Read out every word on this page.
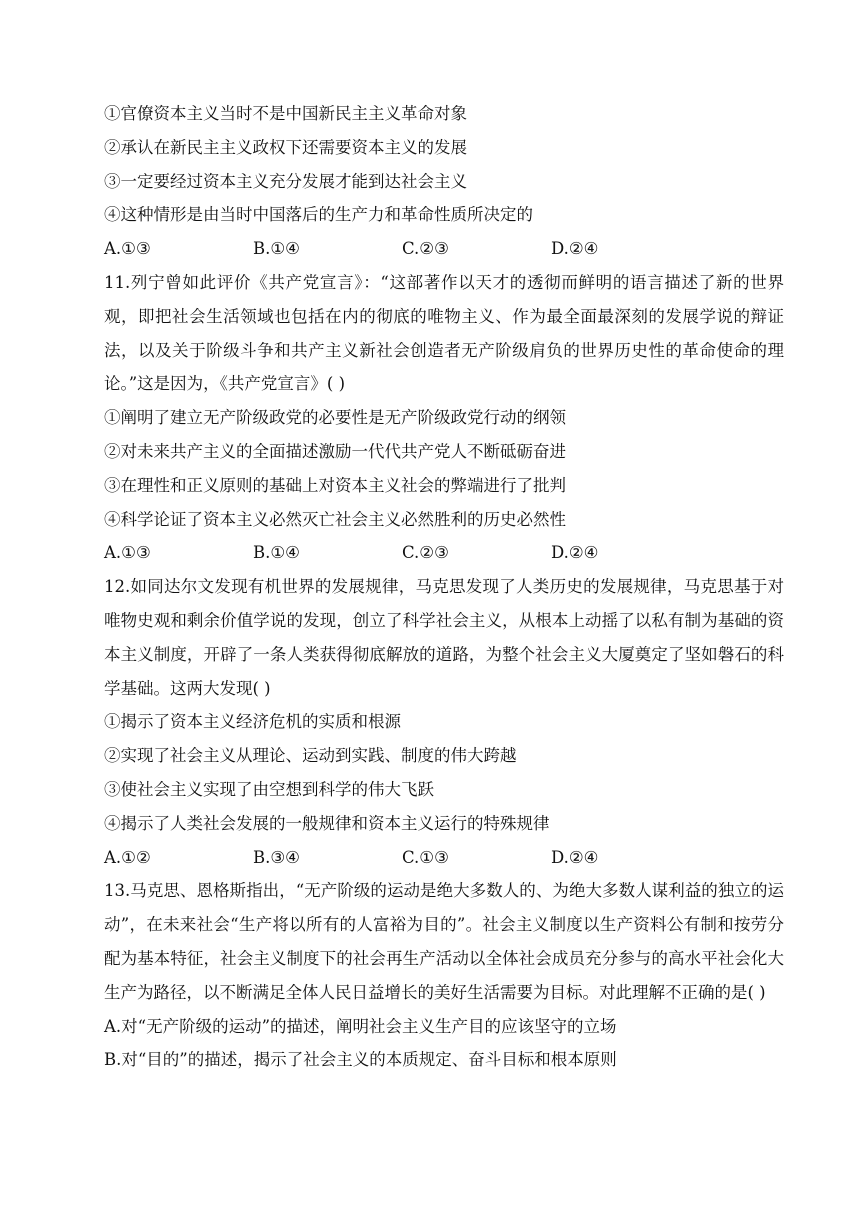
①官僚资本主义当时不是中国新民主主义革命对象
②承认在新民主主义政权下还需要资本主义的发展
③一定要经过资本主义充分发展才能到达社会主义
④这种情形是由当时中国落后的生产力和革命性质所决定的
A.①③	B.①④	C.②③	D.②④
11.列宁曾如此评价《共产党宣言》：“这部著作以天才的透彻而鲜明的语言描述了新的世界观，即把社会生活领域也包括在内的彻底的唯物主义、作为最全面最深刻的发展学说的辩证法，以及关于阶级斗争和共产主义新社会创造者无产阶级肩负的世界历史性的革命使命的理论。”这是因为，《共产党宣言》( )
①阐明了建立无产阶级政党的必要性是无产阶级政党行动的纲领
②对未来共产主义的全面描述激励一代代共产党人不断砥砺奋进
③在理性和正义原则的基础上对资本主义社会的弊端进行了批判
④科学论证了资本主义必然灭亡社会主义必然胜利的历史必然性
A.①③	B.①④	C.②③	D.②④
12.如同达尔文发现有机世界的发展规律，马克思发现了人类历史的发展规律，马克思基于对唯物史观和剩余价值学说的发现，创立了科学社会主义，从根本上动摇了以私有制为基础的资本主义制度，开辟了一条人类获得彻底解放的道路，为整个社会主义大厦奠定了坚如磐石的科学基础。这两大发现( )
①揭示了资本主义经济危机的实质和根源
②实现了社会主义从理论、运动到实践、制度的伟大跨越
③使社会主义实现了由空想到科学的伟大飞跃
④揭示了人类社会发展的一般规律和资本主义运行的特殊规律
A.①②	B.③④	C.①③	D.②④
13.马克思、恩格斯指出，“无产阶级的运动是绝大多数人的、为绝大多数人谋利益的独立的运动”，在未来社会“生产将以所有的人富裕为目的”。社会主义制度以生产资料公有制和按劳分配为基本特征，社会主义制度下的社会再生产活动以全体社会成员充分参与的高水平社会化大生产为路径，以不断满足全体人民日益增长的美好生活需要为目标。对此理解不正确的是( )
A.对“无产阶级的运动”的描述，阐明社会主义生产目的应该坚守的立场
B.对“目的”的描述，揭示了社会主义的本质规定、奋斗目标和根本原则
